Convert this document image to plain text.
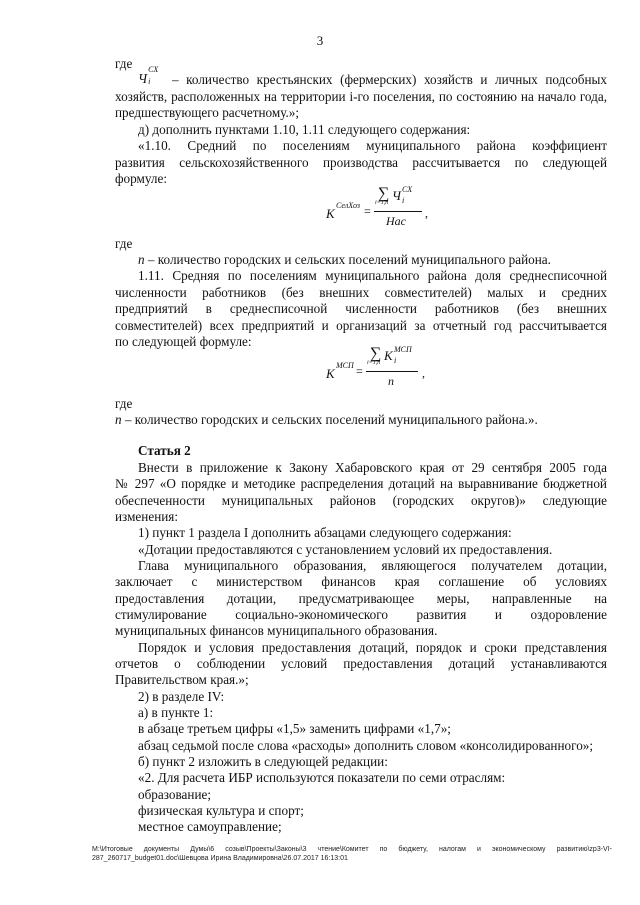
3
где
Ч
СХ
i – количество крестьянских (фермерских) хозяйств и личных подсобных
хозяйств, расположенных на территории i-го поселения, по состоянию на начало года,
предшествующего расчетному.»;
д) дополнить пунктами 1.10, 1.11 следующего содержания:
«1.10. Средний по поселениям муниципального района коэффициент
развития сельскохозяйственного производства рассчитывается по следующей
формуле:
K
СелХоз =
∑
i=1,n Ч СХ
i
Нас
,
где
n – количество городских и сельских поселений муниципального района.
1.11. Средняя по поселениям муниципального района доля среднесписочной
численности работников (без внешних совместителей) малых и средних
предприятий в среднесписочной численности работников (без внешних
совместителей) всех предприятий и организаций за отчетный год рассчитывается
по следующей формуле:
K
МСП =
∑
i=1,n K МСП
i
n
,
где
n – количество городских и сельских поселений муниципального района.».
Статья 2
Внести в приложение к Закону Хабаровского края от 29 сентября 2005 года
№ 297 «О порядке и методике распределения дотаций на выравнивание бюджетной
обеспеченности муниципальных районов (городских округов)» следующие
изменения:
1) пункт 1 раздела I дополнить абзацами следующего содержания:
«Дотации предоставляются с установлением условий их предоставления.
Глава муниципального образования, являющегося получателем дотации,
заключает с министерством финансов края соглашение об условиях
предоставления дотации, предусматривающее меры, направленные на
стимулирование социально-экономического развития и оздоровление
муниципальных финансов муниципального образования.
Порядок и условия предоставления дотаций, порядок и сроки представления
отчетов о соблюдении условий предоставления дотаций устанавливаются
Правительством края.»;
2) в разделе IV:
а) в пункте 1:
в абзаце третьем цифры «1,5» заменить цифрами «1,7»;
абзац седьмой после слова «расходы» дополнить словом «консолидированного»;
б) пункт 2 изложить в следующей редакции:
«2. Для расчета ИБР используются показатели по семи отраслям:
образование;
физическая культура и спорт;
местное самоуправление;
M:\Итоговые документы Думы\6 созыв\Проекты\Законы\3 чтение\Комитет по бюджету, налогам и экономическому развитию\zp3-VI-
287_260717_budget01.doc\Шевцова Ирина Владимировна\26.07.2017 16:13:01
